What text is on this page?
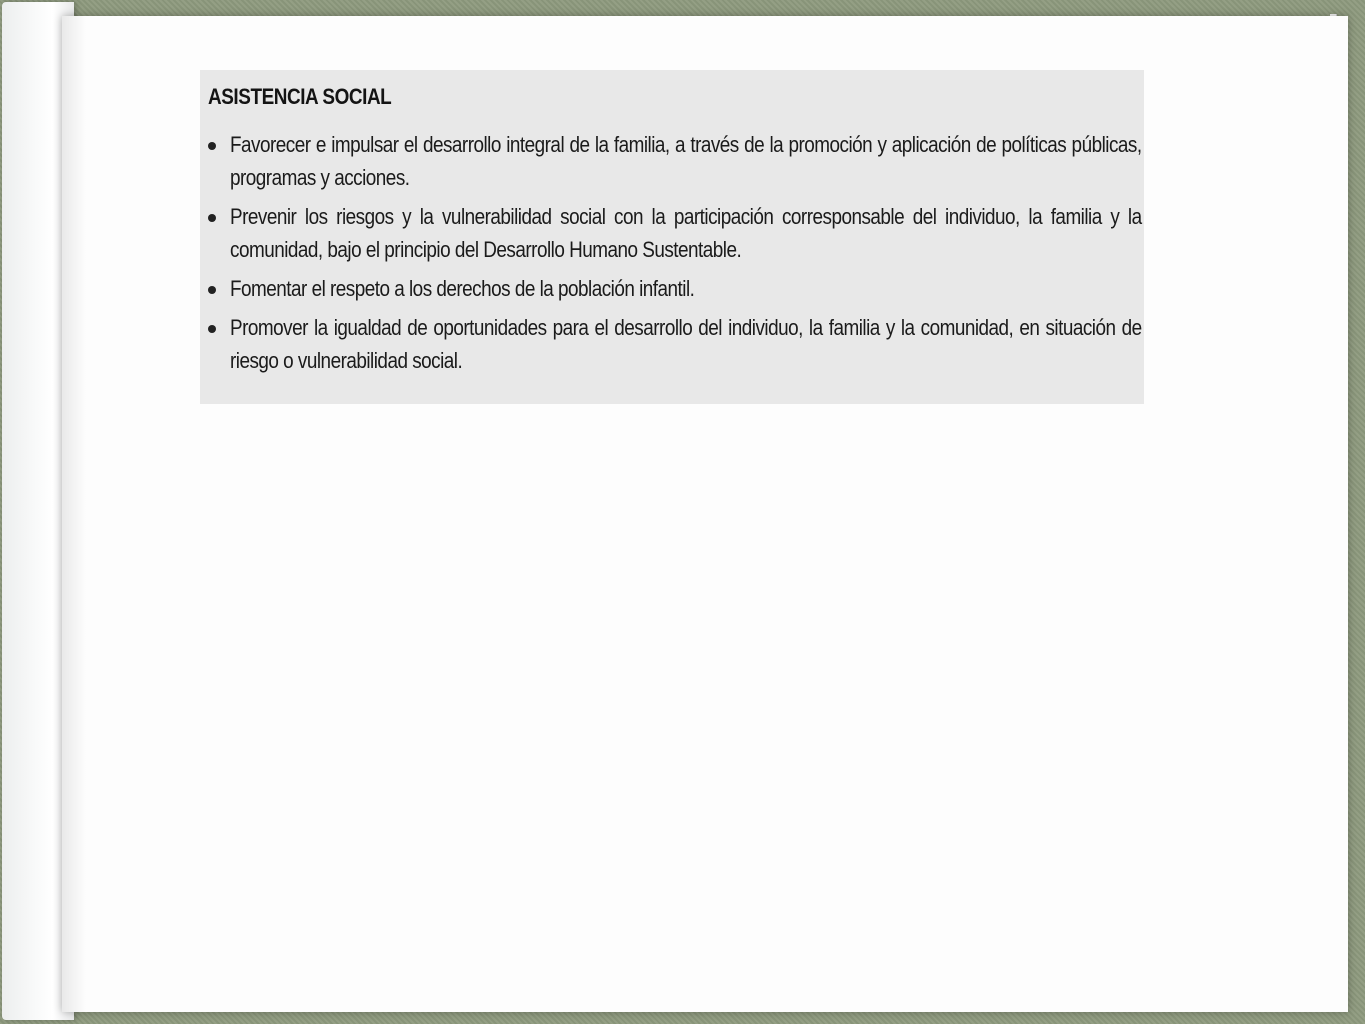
ASISTENCIA SOCIAL
Favorecer e impulsar el desarrollo integral de la familia, a través de la promoción y aplicación de políticas públicas, programas y acciones.
Prevenir los riesgos y la vulnerabilidad social con la participación corresponsable del individuo, la familia y la comunidad, bajo el principio del Desarrollo Humano Sustentable.
Fomentar el respeto a los derechos de la población infantil.
Promover la igualdad de oportunidades para el desarrollo del individuo, la familia y la comunidad, en situación de riesgo o vulnerabilidad social.
